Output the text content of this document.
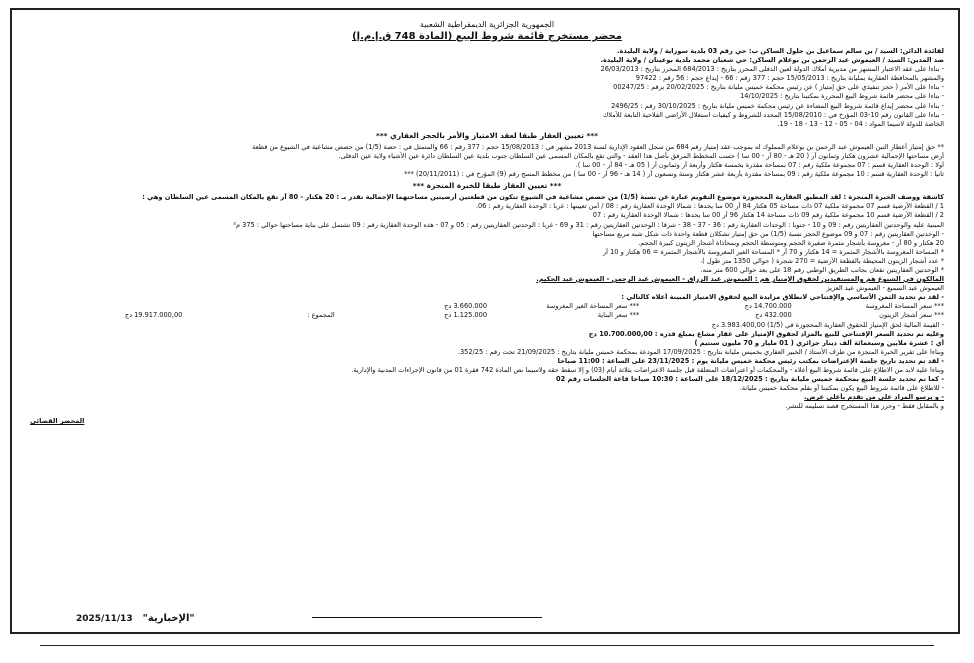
الجمهورية الجزائرية الديمقراطية الشعبية
محضر مستخرج قائمة شروط البيع (المادة 748 ق.إ.م.إ)
لفائدة الدائن: السيد / بن سالم سماعيل بن جلول الساكن ب: حي رقم 03 بلدية سوزاية / ولاية البليدة.
ضد المدين: السيد / العيموش عبد الرحمن بن بوعلام الساكن: حي شعبان محمد بلدية بوعينان / ولاية البليدة.
- بناءا على عقد الاعتبار المشهر من مديرية أملاك الدولة لعين الدفلى المحرر بتاريخ : 684/2013 المحرر بتاريخ : 26/03/2013
والمشهر بالمحافظة العقارية بمليانة بتاريخ : 15/05/2013 حجم : 377 رقم : 66 - إيداع حجم : 56 رقم : 97422
- بناءا على الأمر ( حجز تنفيذي على حق إمتياز ) عن رئيس محكمة خميس مليانة بتاريخ : 20/02/2025 برقم : 00247/25
- بناءا على محضر قائمة شروط البيع المحررة بمكتبنا بتاريخ : 14/10/2025
- بناءا على محضر إيداع قائمة شروط البيع المضاءة عن رئيس محكمة خميس مليانة بتاريخ : 30/10/2025 رقم : 2496/25
- بناءا على القانون رقم 10-03 المؤرخ في : 15/08/2010 المحدد للشروط و كيفيات استغلال الأراضي الفلاحية التابعة للأملاك
الخاصة للدولة لاسيما المواد : 04 - 05 - 12 - 13 - 18 - 19.
*** تعيين العقار طبقا لعقد الامتياز والأمر بالحجز العقاري ***
** حق إمتياز أعطار التبن العيموش عبد الرحمن بن بوعلام المملوك له بموجب عقد إمتياز رقم 684 من سجل العقود الإدارية لسنة 2013 مشهر في : 15/08/2013 حجم : 377 رقم : 66 والمتمثل في : حصة (1/5) من حصص مشاعية في الشيوع من قطعة
أرض مساحتها الإجمالية عشرون هكتار وثمانون آر ( 20 هـ - 80 آر - 00 سا ) حسب المخطط المرفق بأصل هذا العقد - والتي تقع بالمكان المسمى عين السلطان جنوب بلدية عين السلطان دائرة عين الأشياء ولاية عين الدفلى.
أولا : الوحدة العقارية قسم : 07 مجموعة ملكية رقم : 07 بمساحة مقدرة بخمسة هكتار وأربعة آر وثمانون آر ( 05 هـ - 84 آر - 00 سا ).
ثانيا : الوحدة العقارية قسم : 10 مجموعة ملكية رقم : 09 بمساحة مقدرة بأربعة عشر هكتار وستة وتسعون آر ( 14 هـ - 96 آر - 00 سا ) من مخطط المسح رقم (9) المؤرخ في : (20/11/2011) ***
*** تعيين العقار طبقا للخبرة المنجزة ***
كاشفة ووصف الخبرة المنجزة : لقد المطبق العقارية المحجوزة موضوع التقويم عبارة عن نسبة (1/5) من حصص مشاعية في الشيوع تتكون من قطعتين أرضيتين مساحتهما الإجمالية تقدر بـ : 20 هكتار - 80 آر تقع بالمكان المسمى عين السلطان وهي :
1 / القطعة الأرضية قسم 07 مجموعة ملكية 07 ذات مساحة 05 هكتار 84 آر 00 سا يحدها : شمالا الوحدة العقارية رقم : 08 / أمن تعيينها : غربا : الوحدة العقارية رقم : 06.
2 / القطعة الأرضية قسم 10 مجموعة ملكية رقم 09 ذات مساحة 14 هكتار 96 آر 00 سا يحدها : شمالا الوحدة العقارية رقم : 07
المبنية عليه والوحدتين العقاريتين رقم : 09 و 10 - جنوبا : الوحدات العقارية رقم : 36 - 37 - 38 - شرقا : الوحدتين العقاريتين رقم : 31 و 69 - غربا : الوحدتين العقاريتين رقم : 05 و 07 - هذه الوحدة العقارية رقم : 09 تشتمل على بناية مساحتها حوالي : 375 م²
- الوحدتين العقاريتين رقم : 07 و 09 موضوع الحجز نسبة (1/5) من حق إمتياز تشكلان قطعة واحدة ذات شكل شبه مربع مساحتها
20 هكتار و 80 آر - مغروسة بأشجار مثمرة صغيرة الحجم ومتوسطة الحجم وبمحاذاة أشجار الزيتون كبيرة الحجم.
* المساحة المغروسة بالأشجار المثمرة = 14 هكتار و 70 آر * المساحة الغير المغروسة بالأشجار المثمرة = 06 هكتار و 10 آر
* عدد أشجار الزيتون المحيطة بالقطعة الأرضية = 270 شجرة ( حوالي 1350 متر طول ).
* الوحدتين العقاريتين تقعان بجانب الطريق الوطني رقم 18 على بعد حوالي 600 متر منه.
المالكون في الشيوع هم والمستفيدين لحقوق الإمتياز هم : العيموش عبد الرزاق - العيموش عبد الرحمن - العيموش عبد الحكيم.
العيموش عبد السميع - العيموش عبد العزيز
- لقد تم تحديد الثمن الأساسي والإفتتاحي لانطلاق مزايدة البيع لحقوق الامتياز المبينة أعلاه كالتالي :
*** سعر المساحة المغروسة
14.700.000 دج
*** سعر المساحة الغير المغروسة
3.660.000 دج
*** سعر أشجار الزيتون
432.000 دج
*** سعر البناية
1.125.000 دج
المجموع :
19.917.000,00 دج
- القيمة المالية لحق الإمتياز للحقوق العقارية المحجوزة في (1/5) 3.983.400,00 دج
وعليه تم تحديد السعر الإفتتاحي للبيع بالمزاد لحقوق الإمتياز على عقار مشاع بمبلغ قدره : 10.700.000,00 دج
أي : عشرة ملايين وسبعمائة ألف دينار جزائري ( 01 مليار و 70 مليون سنتيم )
وبناءا على تقرير الخبرة المنجزة من طرف الأستاذ / الخبير العقاري بخميس مليانة بتاريخ : 17/09/2025 المودعة بمحكمة خميس مليانة بتاريخ : 21/09/2025 تحت رقم : 352/25.
- لقد تم تحديد تاريخ جلسة الإعتراضات بمكتب رئيس محكمة خميس مليانة يوم : 23/11/2025 على الساعة : 11:00 صباحا
وبناءا عليه لابد من الاطلاع على قائمة شروط البيع أعلاه - والمحكمات أو اعتراضات المتعلقة قبل جلسة الاعتراضات بثلاثة أيام (03) و إلا سقط حقه ولاسيما نص المادة 742 فقرة 01 من قانون الإجراءات المدنية والإدارية.
- كما تم تحديد جلسة البيع بمحكمة خميس مليانة بتاريخ : 18/12/2025 على الساعة : 10:30 صباحا قاعة الجلسات رقم 02
- للاطلاع على قائمة شروط البيع يكون بمكتبنا أو بقلم محكمة خميس مليانة.
- و يرسو المزاد على من تقدم بأعلى عرض.
و بالمقابل فقط - وحرر هذا المستخرج قصد تسليمه للنشر.
المحضر القضائي
"الإخبارية"
2025/11/13
